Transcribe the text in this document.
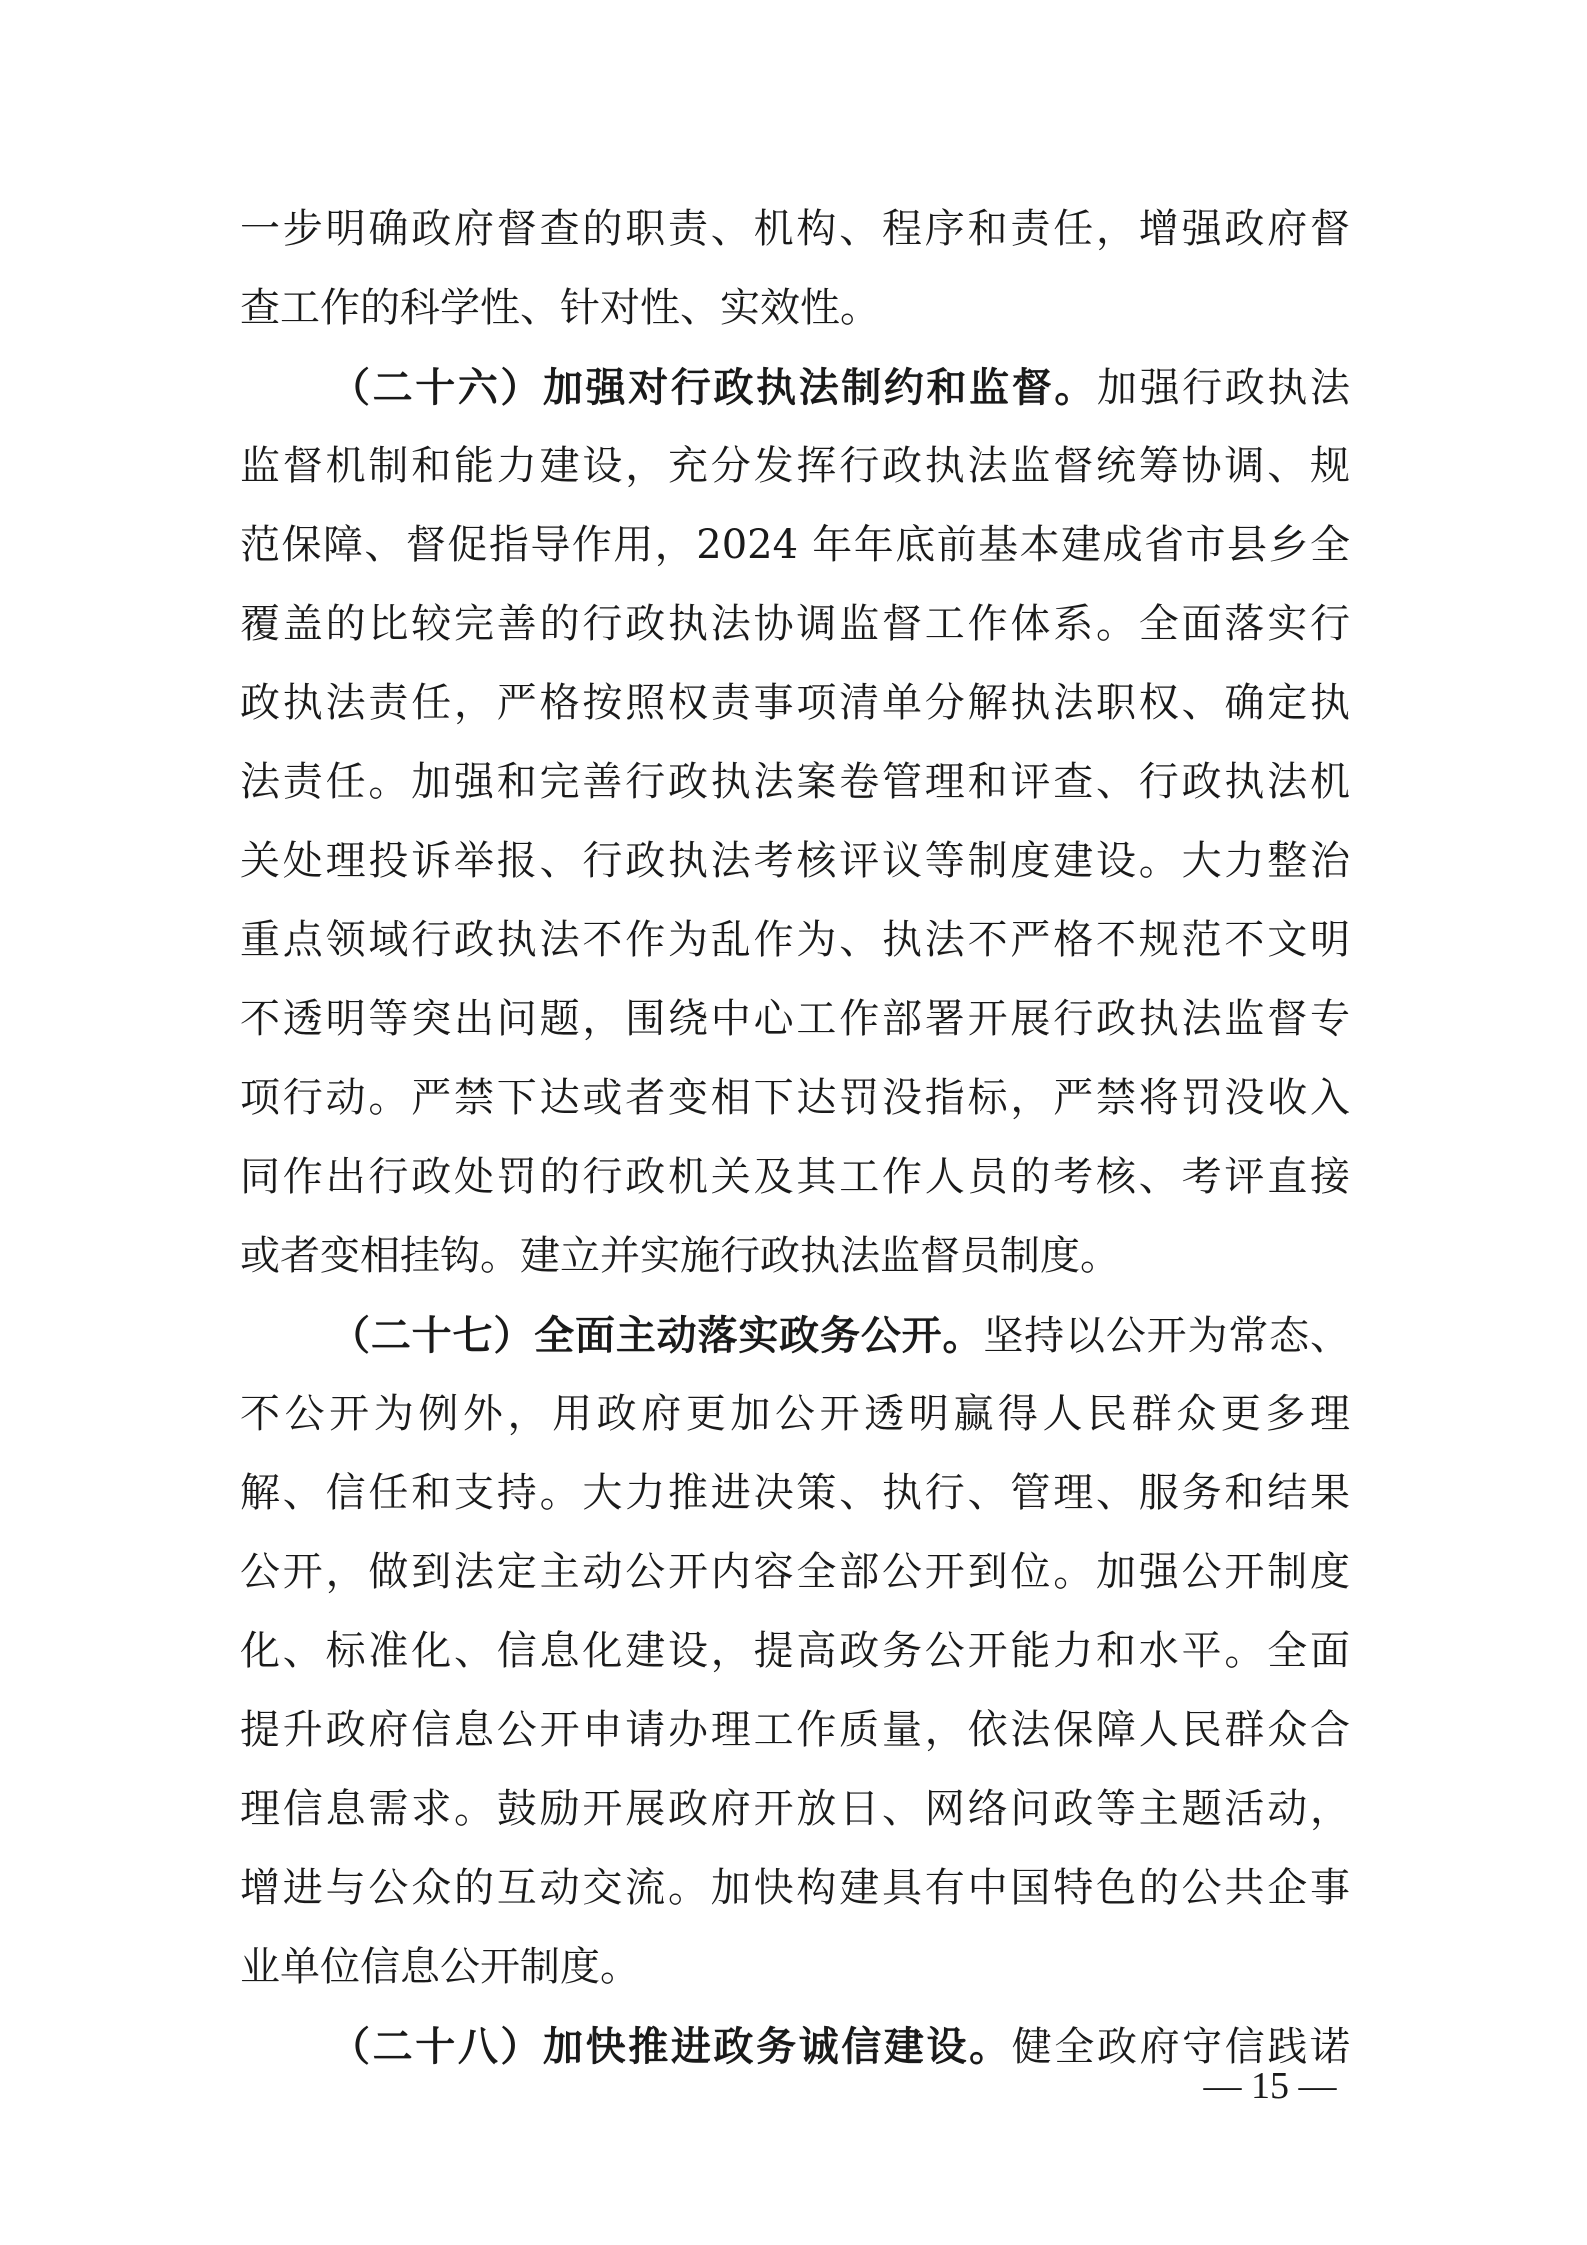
一步明确政府督查的职责、机构、程序和责任，增强政府督
查工作的科学性、针对性、实效性。
（二十六）加强对行政执法制约和监督。加强行政执法
监督机制和能力建设，充分发挥行政执法监督统筹协调、规
范保障、督促指导作用，2024 年年底前基本建成省市县乡全
覆盖的比较完善的行政执法协调监督工作体系。全面落实行
政执法责任，严格按照权责事项清单分解执法职权、确定执
法责任。加强和完善行政执法案卷管理和评查、行政执法机
关处理投诉举报、行政执法考核评议等制度建设。大力整治
重点领域行政执法不作为乱作为、执法不严格不规范不文明
不透明等突出问题，围绕中心工作部署开展行政执法监督专
项行动。严禁下达或者变相下达罚没指标，严禁将罚没收入
同作出行政处罚的行政机关及其工作人员的考核、考评直接
或者变相挂钩。建立并实施行政执法监督员制度。
（二十七）全面主动落实政务公开。坚持以公开为常态、
不公开为例外，用政府更加公开透明赢得人民群众更多理
解、信任和支持。大力推进决策、执行、管理、服务和结果
公开，做到法定主动公开内容全部公开到位。加强公开制度
化、标准化、信息化建设，提高政务公开能力和水平。全面
提升政府信息公开申请办理工作质量，依法保障人民群众合
理信息需求。鼓励开展政府开放日、网络问政等主题活动，
增进与公众的互动交流。加快构建具有中国特色的公共企事
业单位信息公开制度。
（二十八）加快推进政务诚信建设。健全政府守信践诺
— 15 —
